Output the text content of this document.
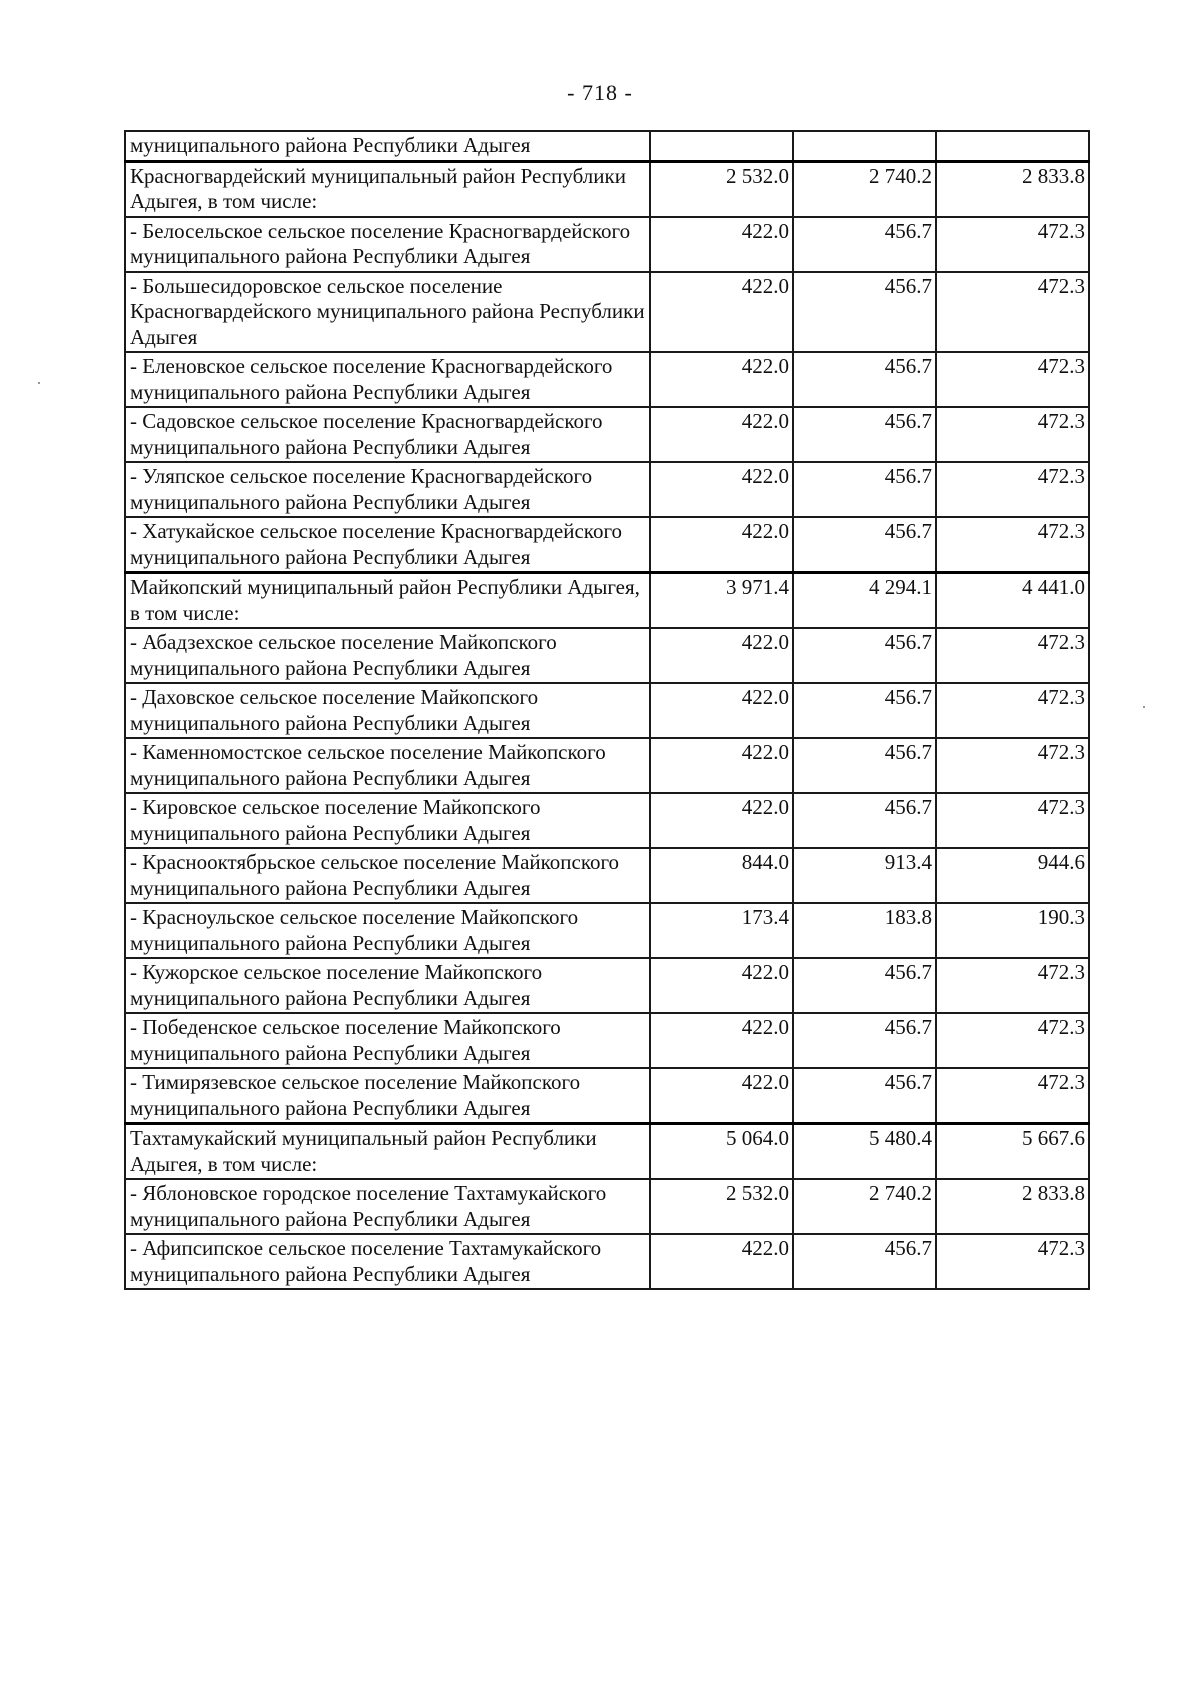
- 718 -
муниципального района Республики Адыгея			
Красногвардейский муниципальный район Республики Адыгея, в том числе:	2 532.0	2 740.2	2 833.8
- Белосельское сельское поселение Красногвардейского муниципального района Республики Адыгея	422.0	456.7	472.3
- Большесидоровское сельское поселение Красногвардейского муниципального района Республики Адыгея	422.0	456.7	472.3
- Еленовское сельское поселение Красногвардейского муниципального района Республики Адыгея	422.0	456.7	472.3
- Садовское сельское поселение Красногвардейского муниципального района Республики Адыгея	422.0	456.7	472.3
- Уляпское сельское поселение Красногвардейского муниципального района Республики Адыгея	422.0	456.7	472.3
- Хатукайское сельское поселение Красногвардейского муниципального района Республики Адыгея	422.0	456.7	472.3
Майкопский муниципальный район Республики Адыгея, в том числе:	3 971.4	4 294.1	4 441.0
- Абадзехское сельское поселение Майкопского муниципального района Республики Адыгея	422.0	456.7	472.3
- Даховское сельское поселение Майкопского муниципального района Республики Адыгея	422.0	456.7	472.3
- Каменномостское сельское поселение Майкопского муниципального района Республики Адыгея	422.0	456.7	472.3
- Кировское сельское поселение Майкопского муниципального района Республики Адыгея	422.0	456.7	472.3
- Краснооктябрьское сельское поселение Майкопского муниципального района Республики Адыгея	844.0	913.4	944.6
- Красноульское сельское поселение Майкопского муниципального района Республики Адыгея	173.4	183.8	190.3
- Кужорское сельское поселение Майкопского муниципального района Республики Адыгея	422.0	456.7	472.3
- Победенское сельское поселение Майкопского муниципального района Республики Адыгея	422.0	456.7	472.3
- Тимирязевское сельское поселение Майкопского муниципального района Республики Адыгея	422.0	456.7	472.3
Тахтамукайский муниципальный район Республики Адыгея, в том числе:	5 064.0	5 480.4	5 667.6
- Яблоновское городское поселение Тахтамукайского муниципального района Республики Адыгея	2 532.0	2 740.2	2 833.8
- Афипсипское сельское поселение Тахтамукайского муниципального района Республики Адыгея	422.0	456.7	472.3
